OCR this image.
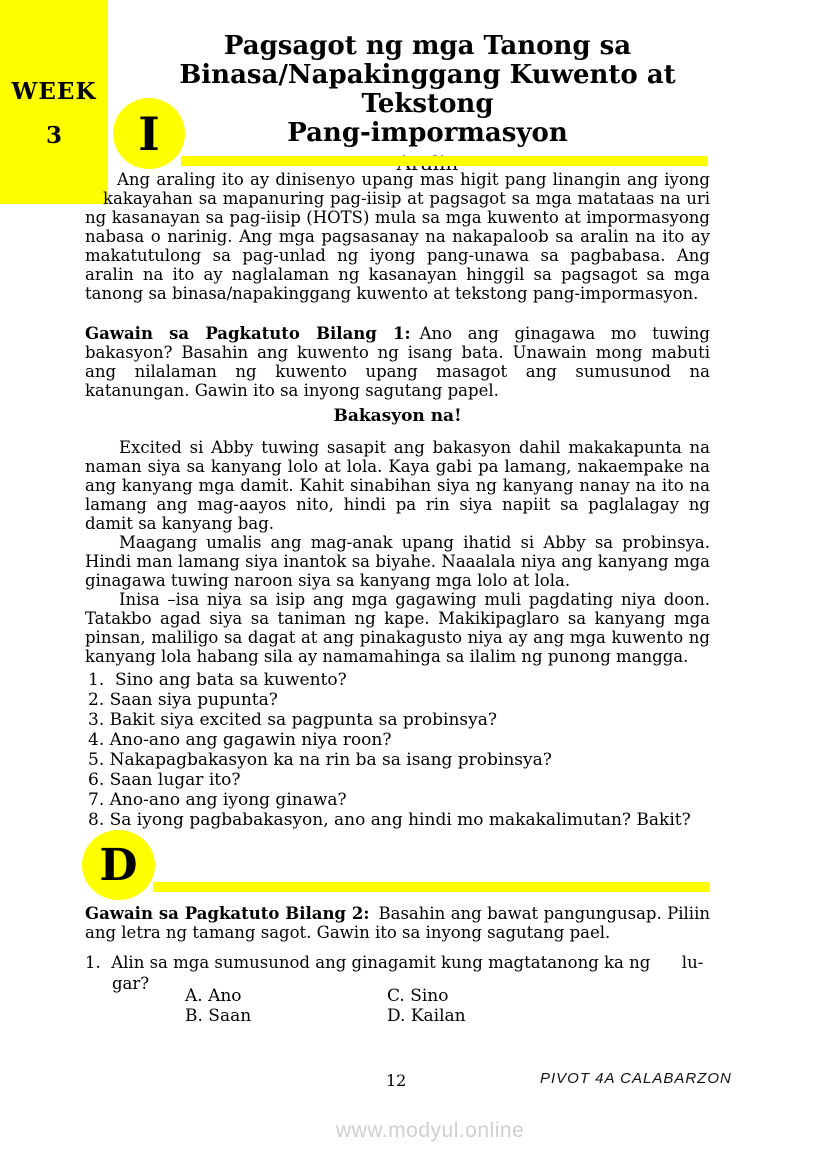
WEEK
3
Pagsagot ng mga Tanong sa
Binasa/Napakinggang Kuwento at Tekstong
Pang-impormasyon
I

Ang araling ito ay dinisenyo upang mas higit pang linangin ang iyong kakayahan sa mapanuring pag-iisip at pagsagot sa mga matataas na uri ng kasanayan sa pag-iisip (HOTS) mula sa mga kuwento at impormasyong nabasa o narinig. Ang mga pagsasanay na nakapaloob sa aralin na ito ay makatutulong sa pag-unlad ng iyong pang-unawa sa pagbabasa. Ang aralin na ito ay naglalaman ng kasanayan hinggil sa pagsagot sa mga tanong sa binasa/napakinggang kuwento at tekstong pang-impormasyon.

Gawain sa Pagkatuto Bilang 1: Ano ang ginagawa mo tuwing bakasyon? Basahin ang kuwento ng isang bata. Unawain mong mabuti ang nilalaman ng kuwento upang masagot ang sumusunod na katanungan. Gawin ito sa inyong sagutang papel.

Bakasyon na!

Excited si Abby tuwing sasapit ang bakasyon dahil makakapunta na naman siya sa kanyang lolo at lola. Kaya gabi pa lamang, nakaempake na ang kanyang mga damit. Kahit sinabihan siya ng kanyang nanay na ito na lamang ang mag-aayos nito, hindi pa rin siya napiit sa paglalagay ng damit sa kanyang bag.

Maagang umalis ang mag-anak upang ihatid si Abby sa probinsya. Hindi man lamang siya inantok sa biyahe. Naaalala niya ang kanyang mga ginagawa tuwing naroon siya sa kanyang mga lolo at lola.

Inisa –isa niya sa isip ang mga gagawing muli pagdating niya doon. Tatakbo agad siya sa taniman ng kape. Makikipaglaro sa kanyang mga pinsan, maliligo sa dagat at ang pinakagusto niya ay ang mga kuwento ng kanyang lola habang sila ay namamahinga sa ilalim ng punong mangga.

1.  Sino ang bata sa kuwento?
2. Saan siya pupunta?
3. Bakit siya excited sa pagpunta sa probinsya?
4. Ano-ano ang gagawin niya roon?
5. Nakapagbakasyon ka na rin ba sa isang probinsya?
6. Saan lugar ito?
7. Ano-ano ang iyong ginawa?
8. Sa iyong pagbabakasyon, ano ang hindi mo makakalimutan? Bakit?
D

Gawain sa Pagkatuto Bilang 2: Basahin ang bawat pangungusap. Piliin ang letra ng tamang sagot. Gawin ito sa inyong sagutang pael.

1.  Alin sa mga sumusunod ang ginagamit kung magtatanong ka ng      lu-
gar?
A. Ano	C. Sino
B. Saan	D. Kailan
12	PIVOT 4A CALABARZON
www.modyul.online
